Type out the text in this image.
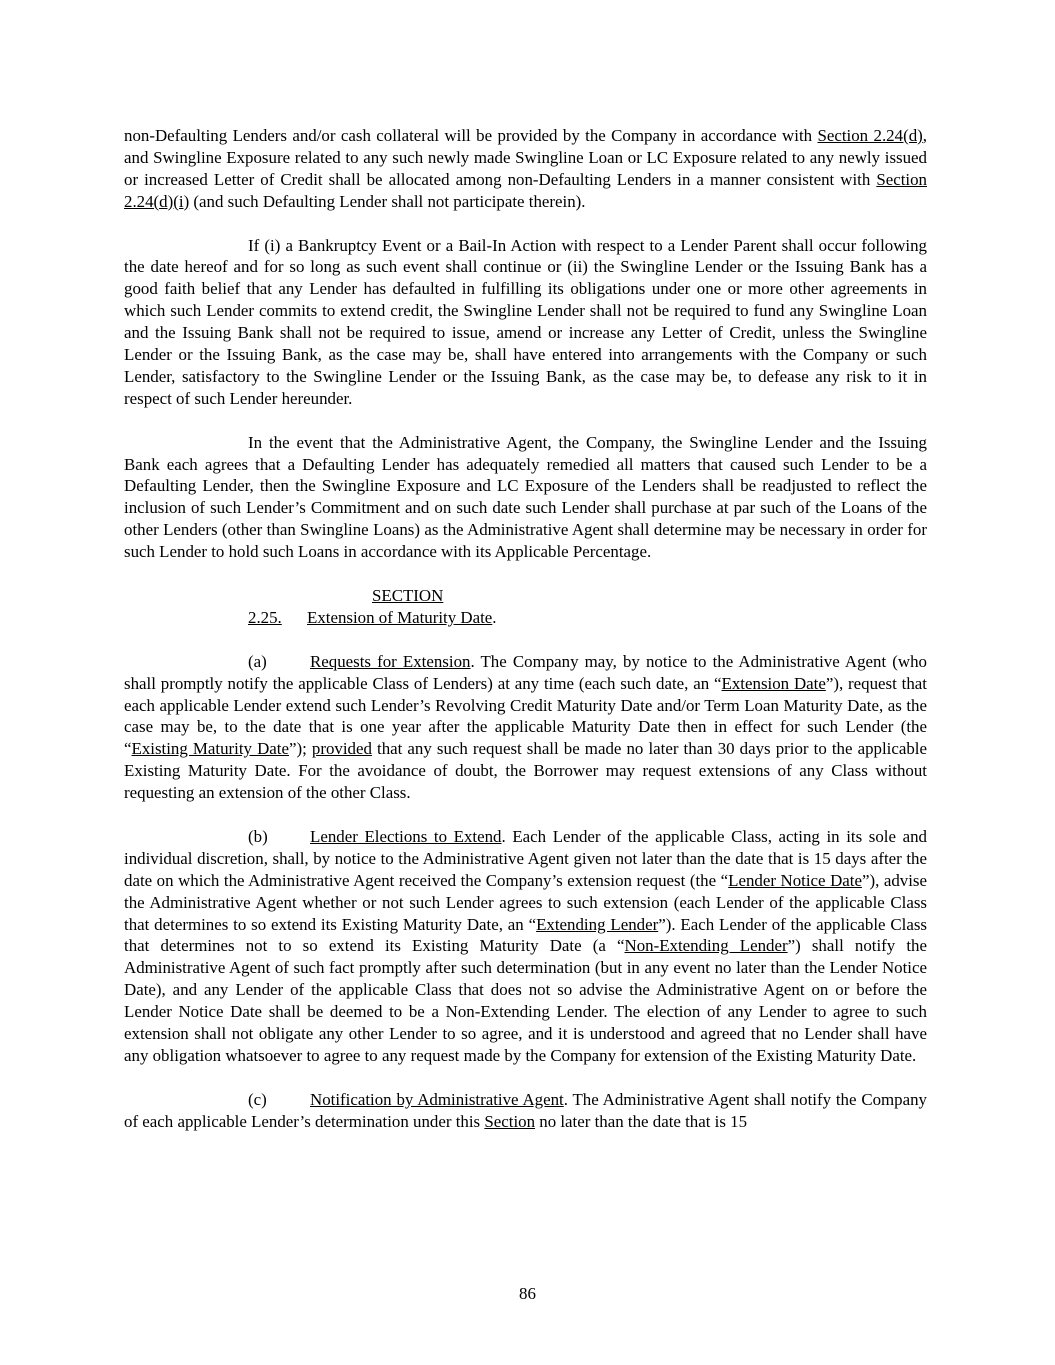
non-Defaulting Lenders and/or cash collateral will be provided by the Company in accordance with Section 2.24(d), and Swingline Exposure related to any such newly made Swingline Loan or LC Exposure related to any newly issued or increased Letter of Credit shall be allocated among non-Defaulting Lenders in a manner consistent with Section 2.24(d)(i) (and such Defaulting Lender shall not participate therein).

If (i) a Bankruptcy Event or a Bail-In Action with respect to a Lender Parent shall occur following the date hereof and for so long as such event shall continue or (ii) the Swingline Lender or the Issuing Bank has a good faith belief that any Lender has defaulted in fulfilling its obligations under one or more other agreements in which such Lender commits to extend credit, the Swingline Lender shall not be required to fund any Swingline Loan and the Issuing Bank shall not be required to issue, amend or increase any Letter of Credit, unless the Swingline Lender or the Issuing Bank, as the case may be, shall have entered into arrangements with the Company or such Lender, satisfactory to the Swingline Lender or the Issuing Bank, as the case may be, to defease any risk to it in respect of such Lender hereunder.

In the event that the Administrative Agent, the Company, the Swingline Lender and the Issuing Bank each agrees that a Defaulting Lender has adequately remedied all matters that caused such Lender to be a Defaulting Lender, then the Swingline Exposure and LC Exposure of the Lenders shall be readjusted to reflect the inclusion of such Lender’s Commitment and on such date such Lender shall purchase at par such of the Loans of the other Lenders (other than Swingline Loans) as the Administrative Agent shall determine may be necessary in order for such Lender to hold such Loans in accordance with its Applicable Percentage.

SECTION 2.25. Extension of Maturity Date.

(a)	Requests for Extension. The Company may, by notice to the Administrative Agent (who shall promptly notify the applicable Class of Lenders) at any time (each such date, an “Extension Date”), request that each applicable Lender extend such Lender’s Revolving Credit Maturity Date and/or Term Loan Maturity Date, as the case may be, to the date that is one year after the applicable Maturity Date then in effect for such Lender (the “Existing Maturity Date”); provided that any such request shall be made no later than 30 days prior to the applicable Existing Maturity Date. For the avoidance of doubt, the Borrower may request extensions of any Class without requesting an extension of the other Class.

(b)	Lender Elections to Extend. Each Lender of the applicable Class, acting in its sole and individual discretion, shall, by notice to the Administrative Agent given not later than the date that is 15 days after the date on which the Administrative Agent received the Company’s extension request (the “Lender Notice Date”), advise the Administrative Agent whether or not such Lender agrees to such extension (each Lender of the applicable Class that determines to so extend its Existing Maturity Date, an “Extending Lender”). Each Lender of the applicable Class that determines not to so extend its Existing Maturity Date (a “Non-Extending Lender”) shall notify the Administrative Agent of such fact promptly after such determination (but in any event no later than the Lender Notice Date), and any Lender of the applicable Class that does not so advise the Administrative Agent on or before the Lender Notice Date shall be deemed to be a Non-Extending Lender. The election of any Lender to agree to such extension shall not obligate any other Lender to so agree, and it is understood and agreed that no Lender shall have any obligation whatsoever to agree to any request made by the Company for extension of the Existing Maturity Date.

(c)	Notification by Administrative Agent. The Administrative Agent shall notify the Company of each applicable Lender’s determination under this Section no later than the date that is 15

86
